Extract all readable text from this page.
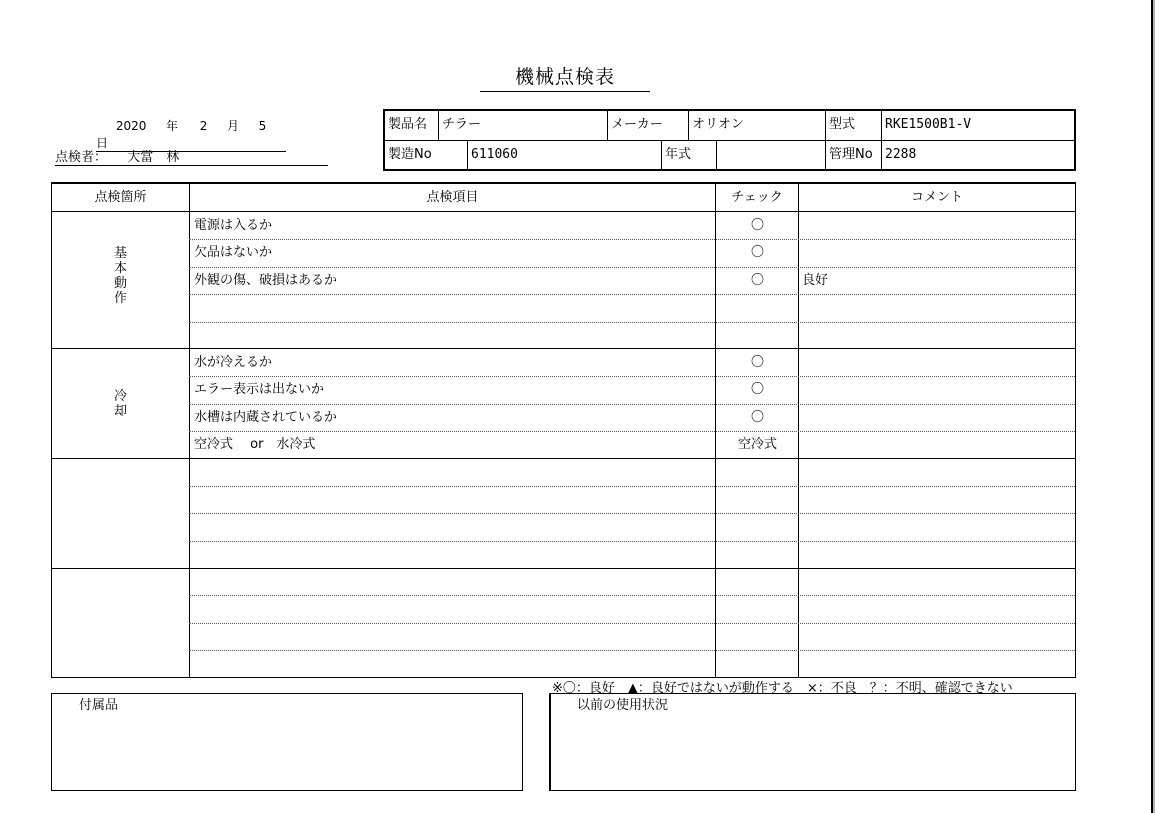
機械点検表
2020 年 2 月 5  日
点検者： 大當　林
製品名 チラー	メーカー オリオン	型式 RKE1500B1-V
製造No	611060	年式	管理No 2288
点検箇所	点検項目	チェック	コメント
基
本
動
作
電源は入るか	〇
欠品はないか	〇
外観の傷、破損はあるか	〇	良好
冷
却
水が冷えるか	〇
エラー表示は出ないか	〇
水槽は内蔵されているか	〇
空冷式　 or　水冷式	空冷式
※〇：良好　▲：良好ではないが動作する　×：不良　？：不明、確認できない
付属品	以前の使用状況
